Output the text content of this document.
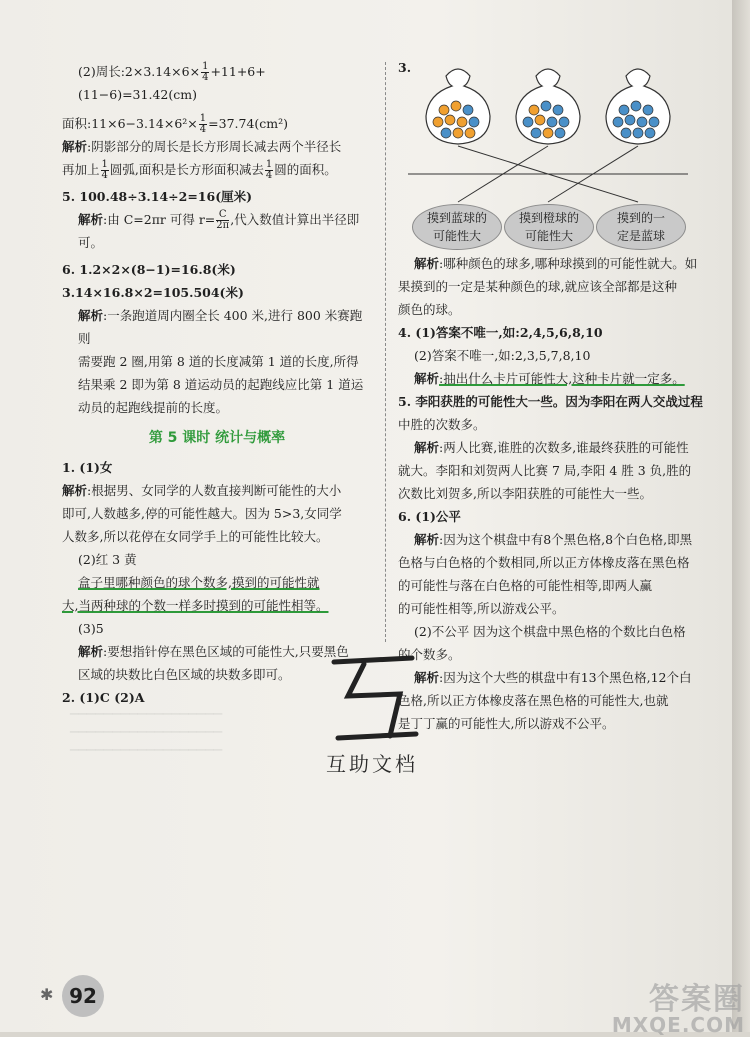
▁▁▁▁▁▁▁▁▁▁▁▁▁▁▁▁▁▁
▁▁▁▁▁▁▁▁▁▁▁▁▁▁▁▁▁▁
▁▁▁▁▁▁▁▁▁▁▁▁▁▁▁▁▁▁

(2)周长:2×3.14×6× $\frac{1}{4} +11+6+(11-6)=31.42(cm)$

面积:11×6−3.14×6²× $\frac{1}{4} =37.74(cm^2)$

解析:阴影部分的周长是长方形周长减去两个半径长

再加上 $\frac{1}{4}$ 圆弧,面积是长方形面积减去 $\frac{1}{4}$ 圆的面积。

5. 100.48÷3.14÷2=16(厘米)

解析:由 C=2πr 可得 $r= \frac{C}{2\pi}$ ,代入数值计算出半径即可。

6. 1.2×2×(8−1)=16.8(米) 3.14×16.8×2=105.504(米)

解析:一条跑道周内圈全长 400 米,进行 800 米赛跑则

需要跑 2 圈,用第 8 道的长度减第 1 道的长度,所得

结果乘 2 即为第 8 道运动员的起跑线应比第 1 道运

动员的起跑线提前的长度。

第 5 课时 统计与概率

1. (1)女

解析:根据男、女同学的人数直接判断可能性的大小

即可,人数越多,停的可能性越大。因为 5>3,女同学

人数多,所以花停在女同学手上的可能性比较大。

(2)红 3 黄

盒子里哪种颜色的球个数多,摸到的可能性就

大,当两种球的个数一样多时摸到的可能性相等。

(3)5

解析:要想指针停在黑色区域的可能性大,只要黑色

区域的块数比白色区域的块数多即可。

2. (1)C (2)A

3.
摸到蓝球的
可能性大
摸到橙球的
可能性大
摸到的一
定是蓝球

解析:哪种颜色的球多,哪种球摸到的可能性就大。如

果摸到的一定是某种颜色的球,就应该全部都是这种

颜色的球。

4. (1)答案不唯一,如:2,4,5,6,8,10

(2)答案不唯一,如:2,3,5,7,8,10

解析:抽出什么卡片可能性大,这种卡片就一定多。

5. 李阳获胜的可能性大一些。因为李阳在两人交战过程

中胜的次数多。

解析:两人比赛,谁胜的次数多,谁最终获胜的可能性

就大。李阳和刘贺两人比赛 7 局,李阳 4 胜 3 负,胜的

次数比刘贺多,所以李阳获胜的可能性大一些。

6. (1)公平

解析:因为这个棋盘中有8个黑色格,8个白色格,即黑

色格与白色格的个数相同,所以正方体橡皮落在黑色格

的可能性与落在白色格的可能性相等,即两人赢

的可能性相等,所以游戏公平。

(2)不公平 因为这个棋盘中黑色格的个数比白色格

的个数多。

解析:因为这个大些的棋盘中有13个黑色格,12个白

色格,所以正方体橡皮落在黑色格的可能性大,也就

是丁丁赢的可能性大,所以游戏不公平。

互助文档
✱ 92	答案圈
MXQE.COM
